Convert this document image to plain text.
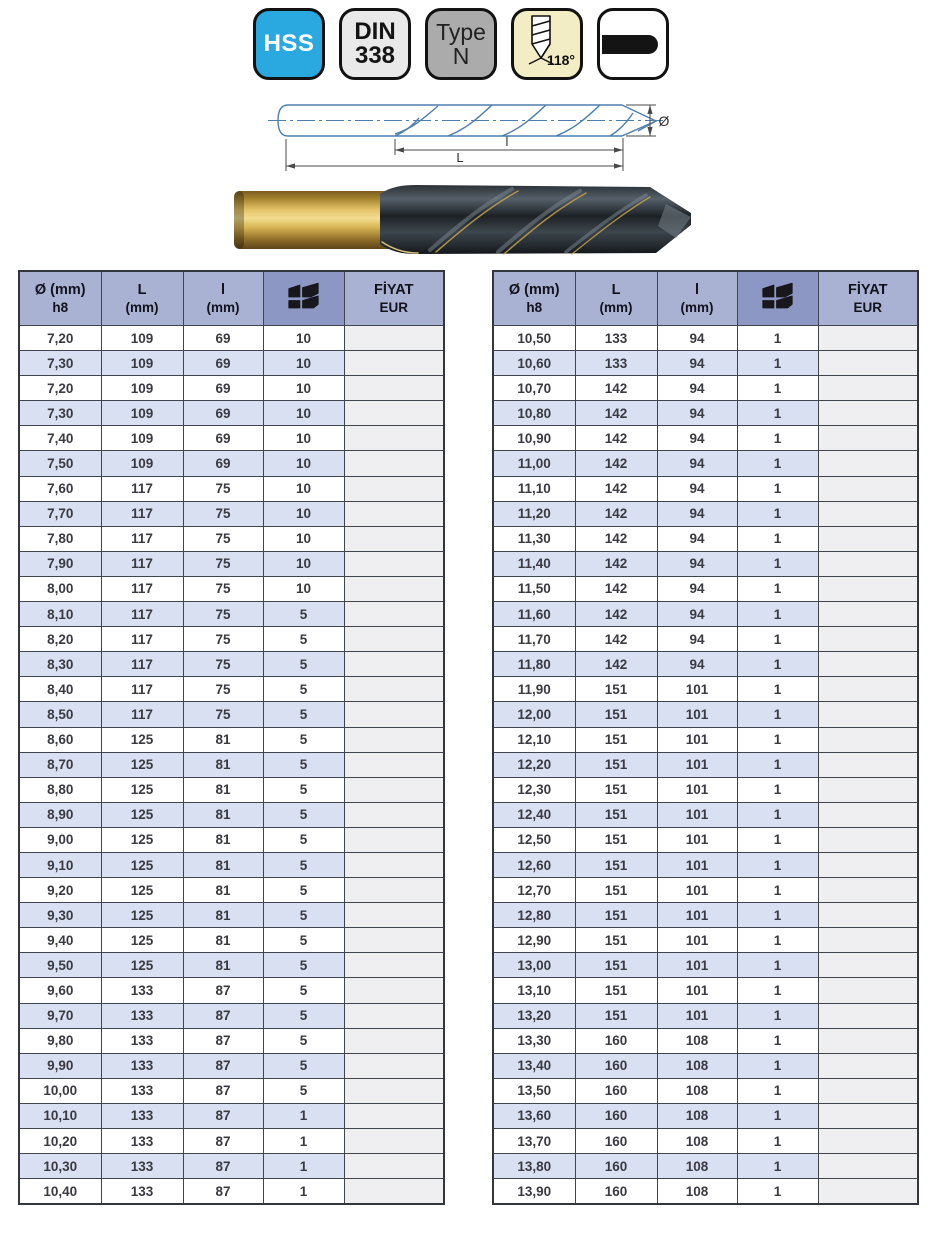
HSS DIN
338
Type
N	118°
l
L
Ø
Ø (mm)
h8

L
(mm)

l
(mm)

FİYAT
EUR

7,20	109	69	10	
7,30	109	69	10	
7,20	109	69	10	
7,30	109	69	10	
7,40	109	69	10	
7,50	109	69	10	
7,60	117	75	10	
7,70	117	75	10	
7,80	117	75	10	
7,90	117	75	10	
8,00	117	75	10	
8,10	117	75	5	
8,20	117	75	5	
8,30	117	75	5	
8,40	117	75	5	
8,50	117	75	5	
8,60	125	81	5	
8,70	125	81	5	
8,80	125	81	5	
8,90	125	81	5	
9,00	125	81	5	
9,10	125	81	5	
9,20	125	81	5	
9,30	125	81	5	
9,40	125	81	5	
9,50	125	81	5	
9,60	133	87	5	
9,70	133	87	5	
9,80	133	87	5	
9,90	133	87	5	
10,00	133	87	5	
10,10	133	87	1	
10,20	133	87	1	
10,30	133	87	1	
10,40	133	87	1	
Ø (mm)
h8

L
(mm)

l
(mm)

FİYAT
EUR

10,50	133	94	1	
10,60	133	94	1	
10,70	142	94	1	
10,80	142	94	1	
10,90	142	94	1	
11,00	142	94	1	
11,10	142	94	1	
11,20	142	94	1	
11,30	142	94	1	
11,40	142	94	1	
11,50	142	94	1	
11,60	142	94	1	
11,70	142	94	1	
11,80	142	94	1	
11,90	151	101	1	
12,00	151	101	1	
12,10	151	101	1	
12,20	151	101	1	
12,30	151	101	1	
12,40	151	101	1	
12,50	151	101	1	
12,60	151	101	1	
12,70	151	101	1	
12,80	151	101	1	
12,90	151	101	1	
13,00	151	101	1	
13,10	151	101	1	
13,20	151	101	1	
13,30	160	108	1	
13,40	160	108	1	
13,50	160	108	1	
13,60	160	108	1	
13,70	160	108	1	
13,80	160	108	1	
13,90	160	108	1	
